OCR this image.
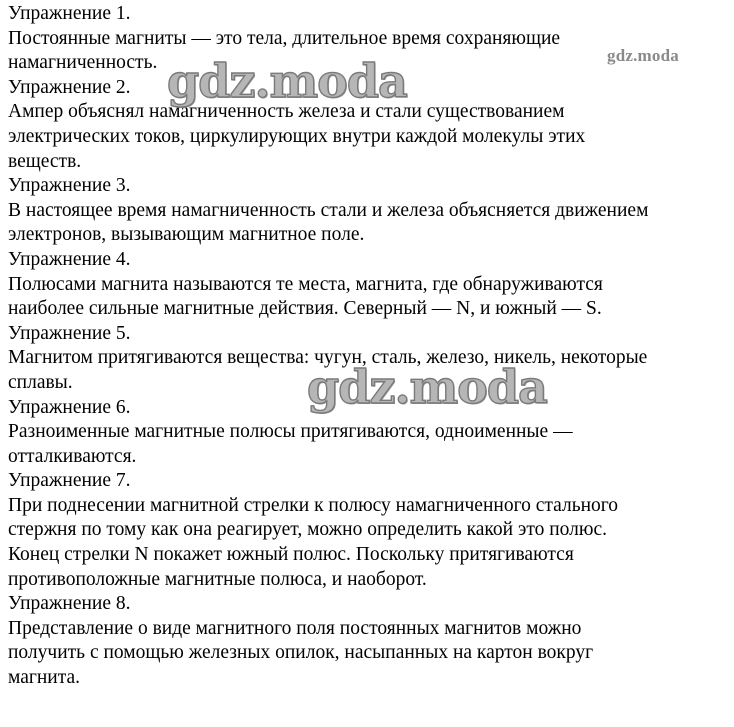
Упражнение 1.
Постоянные магниты — это тела, длительное время сохраняющие
намагниченность.
Упражнение 2.
Ампер объяснял намагниченность железа и стали существованием
электрических токов, циркулирующих внутри каждой молекулы этих
веществ.
Упражнение 3.
В настоящее время намагниченность стали и железа объясняется движением
электронов, вызывающим магнитное поле.
Упражнение 4.
Полюсами магнита называются те места, магнита, где обнаруживаются
наиболее сильные магнитные действия. Северный — N, и южный — S.
Упражнение 5.
Магнитом притягиваются вещества: чугун, сталь, железо, никель, некоторые
сплавы.
Упражнение 6.
Разноименные магнитные полюсы притягиваются, одноименные —
отталкиваются.
Упражнение 7.
При поднесении магнитной стрелки к полюсу намагниченного стального
стержня по тому как она реагирует, можно определить какой это полюс.
Конец стрелки N покажет южный полюс. Поскольку притягиваются
противоположные магнитные полюса, и наоборот.
Упражнение 8.
Представление о виде магнитного поля постоянных магнитов можно
получить с помощью железных опилок, насыпанных на картон вокруг
магнита.
gdz.moda
gdz.moda
gdz.moda
